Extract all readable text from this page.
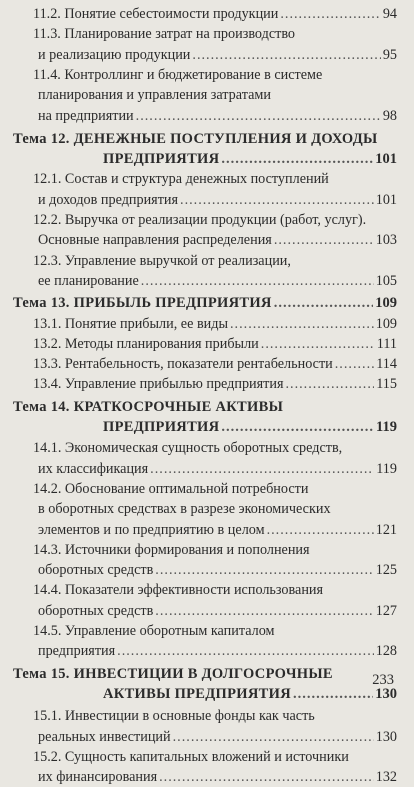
11.2. Понятие себестоимости продукции .....	94
11.3. Планирование затрат на производство
и реализацию продукции .....	95
11.4. Контроллинг и бюджетирование в системе
планирования и управления затратами
на предприятии .....	98
Тема 12. ДЕНЕЖНЫЕ ПОСТУПЛЕНИЯ И ДОХОДЫ
ПРЕДПРИЯТИЯ .....	101
12.1. Состав и структура денежных поступлений
и доходов предприятия .....	101
12.2. Выручка от реализации продукции (работ, услуг).
Основные направления распределения .....	103
12.3. Управление выручкой от реализации,
ее планирование .....	105
Тема 13. ПРИБЫЛЬ ПРЕДПРИЯТИЯ .....	109
13.1. Понятие прибыли, ее виды .....	109
13.2. Методы планирования прибыли .....	111
13.3. Рентабельность, показатели рентабельности .....	114
13.4. Управление прибылью предприятия .....	115
Тема 14. КРАТКОСРОЧНЫЕ АКТИВЫ
ПРЕДПРИЯТИЯ .....	119
14.1. Экономическая сущность оборотных средств,
их классификация .....	119
14.2. Обоснование оптимальной потребности
в оборотных средствах в разрезе экономических
элементов и по предприятию в целом .....	121
14.3. Источники формирования и пополнения
оборотных средств .....	125
14.4. Показатели эффективности использования
оборотных средств .....	127
14.5. Управление оборотным капиталом
предприятия .....	128
Тема 15. ИНВЕСТИЦИИ В ДОЛГОСРОЧНЫЕ
АКТИВЫ ПРЕДПРИЯТИЯ .....	130
15.1. Инвестиции в основные фонды как часть
реальных инвестиций .....	130
15.2. Сущность капитальных вложений и источники
их финансирования .....	132
233
